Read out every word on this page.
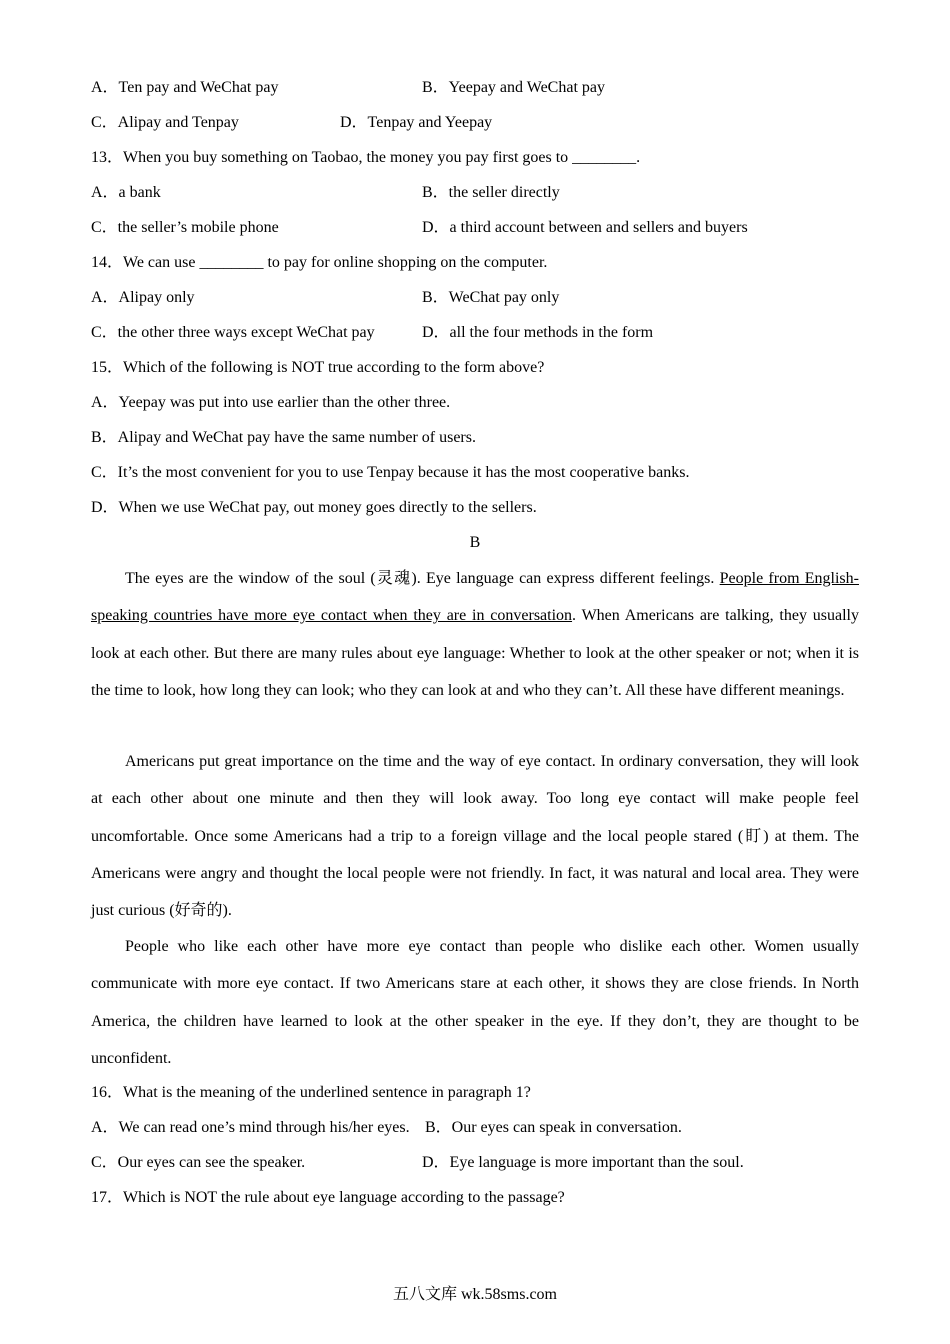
A．Ten pay and WeChat pay	B．Yeepay and WeChat pay
C．Alipay and Tenpay	D．Tenpay and Yeepay
13．When you buy something on Taobao, the money you pay first goes to ________.
A．a bank	B．the seller directly
C．the seller’s mobile phone	D．a third account between and sellers and buyers
14．We can use ________ to pay for online shopping on the computer.
A．Alipay only	B．WeChat pay only
C．the other three ways except WeChat pay	D．all the four methods in the form
15．Which of the following is NOT true according to the form above?
A．Yeepay was put into use earlier than the other three.
B．Alipay and WeChat pay have the same number of users.
C．It’s the most convenient for you to use Tenpay because it has the most cooperative banks.
D．When we use WeChat pay, out money goes directly to the sellers.
B
The eyes are the window of the soul (灵魂). Eye language can express different feelings. People from English-speaking countries have more eye contact when they are in conversation. When Americans are talking, they usually look at each other. But there are many rules about eye language: Whether to look at the other speaker or not; when it is the time to look, how long they can look; who they can look at and who they can’t. All these have different meanings.
Americans put great importance on the time and the way of eye contact. In ordinary conversation, they will look at each other about one minute and then they will look away. Too long eye contact will make people feel uncomfortable. Once some Americans had a trip to a foreign village and the local people stared (盯) at them. The Americans were angry and thought the local people were not friendly. In fact, it was natural and local area. They were just curious (好奇的).
People who like each other have more eye contact than people who dislike each other. Women usually communicate with more eye contact. If two Americans stare at each other, it shows they are close friends. In North America, the children have learned to look at the other speaker in the eye. If they don’t, they are thought to be unconfident.
16．What is the meaning of the underlined sentence in paragraph 1?
A．We can read one’s mind through his/her eyes. B．Our eyes can speak in conversation.
C．Our eyes can see the speaker.	D．Eye language is more important than the soul.
17．Which is NOT the rule about eye language according to the passage?
五八文库 wk.58sms.com
